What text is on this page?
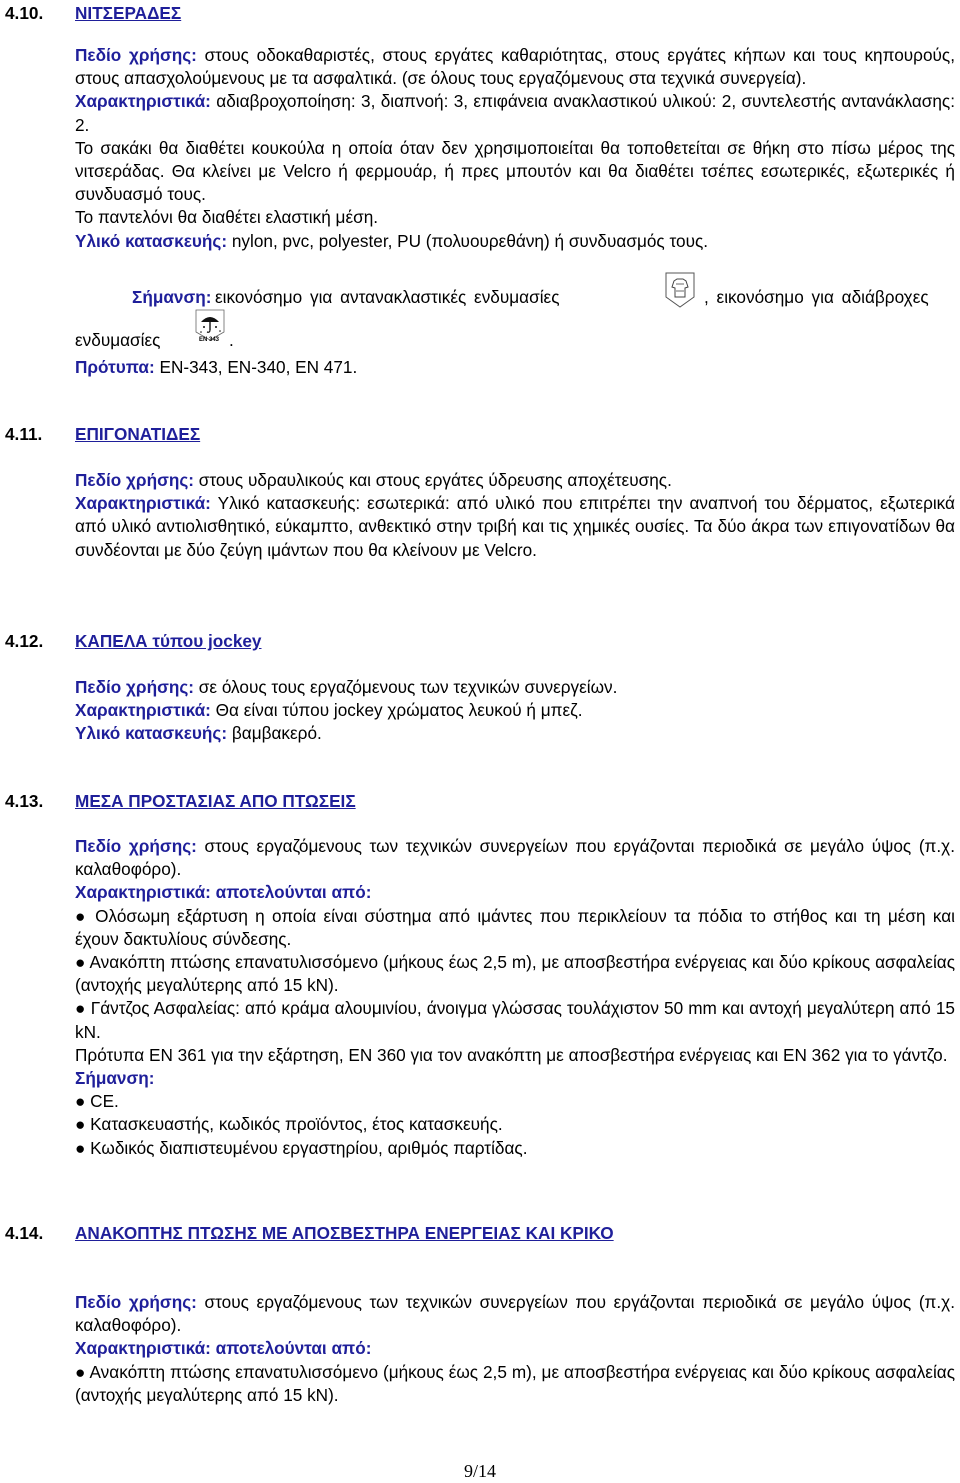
4.10. ΝΙΤΣΕΡΑΔΕΣ

Πεδίο χρήσης: στους οδοκαθαριστές, στους εργάτες καθαριότητας, στους εργάτες κήπων και τους κηπουρούς, στους απασχολούμενους με τα ασφαλτικά. (σε όλους τους εργαζόμενους στα τεχνικά συνεργεία).

Χαρακτηριστικά: αδιαβροχοποίηση: 3, διαπνοή: 3, επιφάνεια ανακλαστικού υλικού: 2, συντελεστής αντανάκλασης: 2.

Το σακάκι θα διαθέτει κουκούλα η οποία όταν δεν χρησιμοποιείται θα τοποθετείται σε θήκη στο πίσω μέρος της νιτσεράδας. Θα κλείνει με Velcro ή φερμουάρ, ή πρες μπουτόν και θα διαθέτει τσέπες εσωτερικές, εξωτερικές ή συνδυασμό τους.

Το παντελόνι θα διαθέτει ελαστική μέση.

Υλικό κατασκευής: nylon, pvc, polyester, PU (πολυουρεθάνη) ή συνδυασμός τους.

Σήμανση: εικονόσημο για αντανακλαστικές ενδυμασίες	, εικονόσημο για αδιάβροχες
ενδυμασίες	EN 343 .

Πρότυπα: EN-343, EN-340, EN 471.

4.11. ΕΠΙΓΟΝΑΤΙΔΕΣ

Πεδίο χρήσης: στους υδραυλικούς και στους εργάτες ύδρευσης αποχέτευσης.

Χαρακτηριστικά: Υλικό κατασκευής: εσωτερικά: από υλικό που επιτρέπει την αναπνοή του δέρματος, εξωτερικά από υλικό αντιολισθητικό, εύκαμπτο, ανθεκτικό στην τριβή και τις χημικές ουσίες. Τα δύο άκρα των επιγονατίδων θα συνδέονται με δύο ζεύγη ιμάντων που θα κλείνουν με Velcro.

4.12. ΚΑΠΕΛΑ τύπου jockey

Πεδίο χρήσης: σε όλους τους εργαζόμενους των τεχνικών συνεργείων.

Χαρακτηριστικά: Θα είναι τύπου jockey χρώματος λευκού ή μπεζ.

Υλικό κατασκευής: βαμβακερό.

4.13. ΜΕΣΑ ΠΡΟΣΤΑΣΙΑΣ ΑΠΟ ΠΤΩΣΕΙΣ

Πεδίο χρήσης: στους εργαζόμενους των τεχνικών συνεργείων που εργάζονται περιοδικά σε μεγάλο ύψος (π.χ. καλαθοφόρο).

Χαρακτηριστικά: αποτελούνται από:

● Ολόσωμη εξάρτυση η οποία είναι σύστημα από ιμάντες που περικλείουν τα πόδια το στήθος και τη μέση και έχουν δακτυλίους σύνδεσης.

● Ανακόπτη πτώσης επανατυλισσόμενο (μήκους έως 2,5 m), με αποσβεστήρα ενέργειας και δύο κρίκους ασφαλείας (αντοχής μεγαλύτερης από 15 kN).

● Γάντζος Ασφαλείας: από κράμα αλουμινίου, άνοιγμα γλώσσας τουλάχιστον 50 mm και αντοχή μεγαλύτερη από 15 kN.

Πρότυπα EN 361 για την εξάρτηση, EN 360 για τον ανακόπτη με αποσβεστήρα ενέργειας και EN 362 για το γάντζο.

Σήμανση:

● CE.

● Κατασκευαστής, κωδικός προϊόντος, έτος κατασκευής.

● Κωδικός διαπιστευμένου εργαστηρίου, αριθμός παρτίδας.

4.14. ΑΝΑΚΟΠΤΗΣ ΠΤΩΣΗΣ ΜΕ ΑΠΟΣΒΕΣΤΗΡΑ ΕΝΕΡΓΕΙΑΣ ΚΑΙ ΚΡΙΚΟ

Πεδίο χρήσης: στους εργαζόμενους των τεχνικών συνεργείων που εργάζονται περιοδικά σε μεγάλο ύψος (π.χ. καλαθοφόρο).

Χαρακτηριστικά: αποτελούνται από:

● Ανακόπτη πτώσης επανατυλισσόμενο (μήκους έως 2,5 m), με αποσβεστήρα ενέργειας και δύο κρίκους ασφαλείας (αντοχής μεγαλύτερης από 15 kN).

9/14
